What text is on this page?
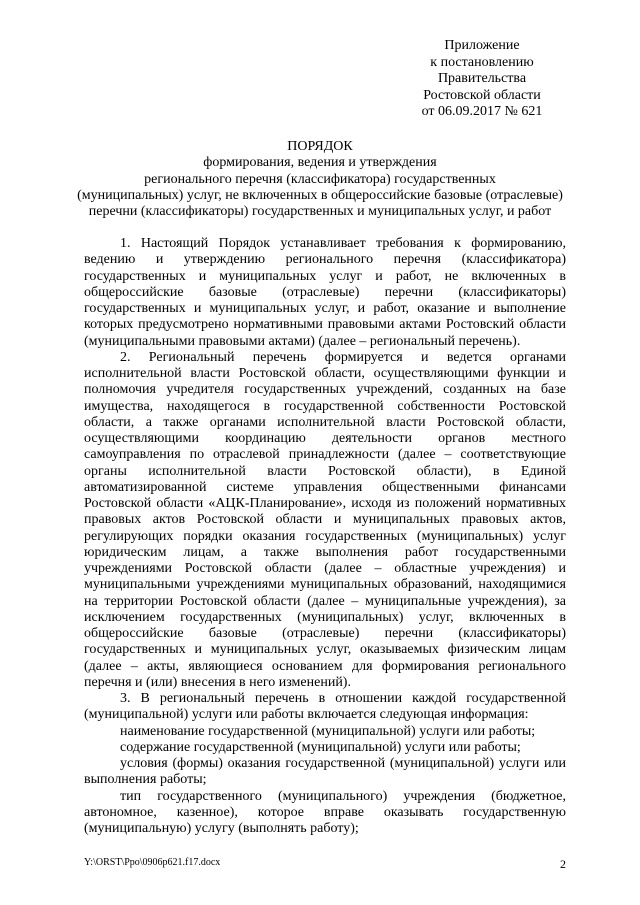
Приложение
к постановлению
Правительства
Ростовской области
от 06.09.2017 № 621
ПОРЯДОК
формирования, ведения и утверждения
регионального перечня (классификатора) государственных
(муниципальных) услуг, не включенных в общероссийские базовые (отраслевые)
перечни (классификаторы) государственных и муниципальных услуг, и работ

1. Настоящий Порядок устанавливает требования к формированию, ведению и утверждению регионального перечня (классификатора) государственных и муниципальных услуг и работ, не включенных в общероссийские базовые (отраслевые) перечни (классификаторы) государственных и муниципальных услуг, и работ, оказание и выполнение которых предусмотрено нормативными правовыми актами Ростовский области (муниципальными правовыми актами) (далее – региональный перечень).

2. Региональный перечень формируется и ведется органами исполнительной власти Ростовской области, осуществляющими функции и полномочия учредителя государственных учреждений, созданных на базе имущества, находящегося в государственной собственности Ростовской области, а также органами исполнительной власти Ростовской области, осуществляющими координацию деятельности органов местного самоуправления по отраслевой принадлежности (далее – соответствующие органы исполнительной власти Ростовской области), в Единой автоматизированной системе управления общественными финансами Ростовской области «АЦК-Планирование», исходя из положений нормативных правовых актов Ростовской области и муниципальных правовых актов, регулирующих порядки оказания государственных (муниципальных) услуг юридическим лицам, а также выполнения работ государственными учреждениями Ростовской области (далее – областные учреждения) и муниципальными учреждениями муниципальных образований, находящимися на территории Ростовской области (далее – муниципальные учреждения), за исключением государственных (муниципальных) услуг, включенных в общероссийские базовые (отраслевые) перечни (классификаторы) государственных и муниципальных услуг, оказываемых физическим лицам (далее – акты, являющиеся основанием для формирования регионального перечня и (или) внесения в него изменений).

3. В региональный перечень в отношении каждой государственной (муниципальной) услуги или работы включается следующая информация:

наименование государственной (муниципальной) услуги или работы;

содержание государственной (муниципальной) услуги или работы;

условия (формы) оказания государственной (муниципальной) услуги или выполнения работы;

тип государственного (муниципального) учреждения (бюджетное, автономное, казенное), которое вправе оказывать государственную (муниципальную) услугу (выполнять работу);

Y:\ORST\Ppo\0906p621.f17.docx	2
